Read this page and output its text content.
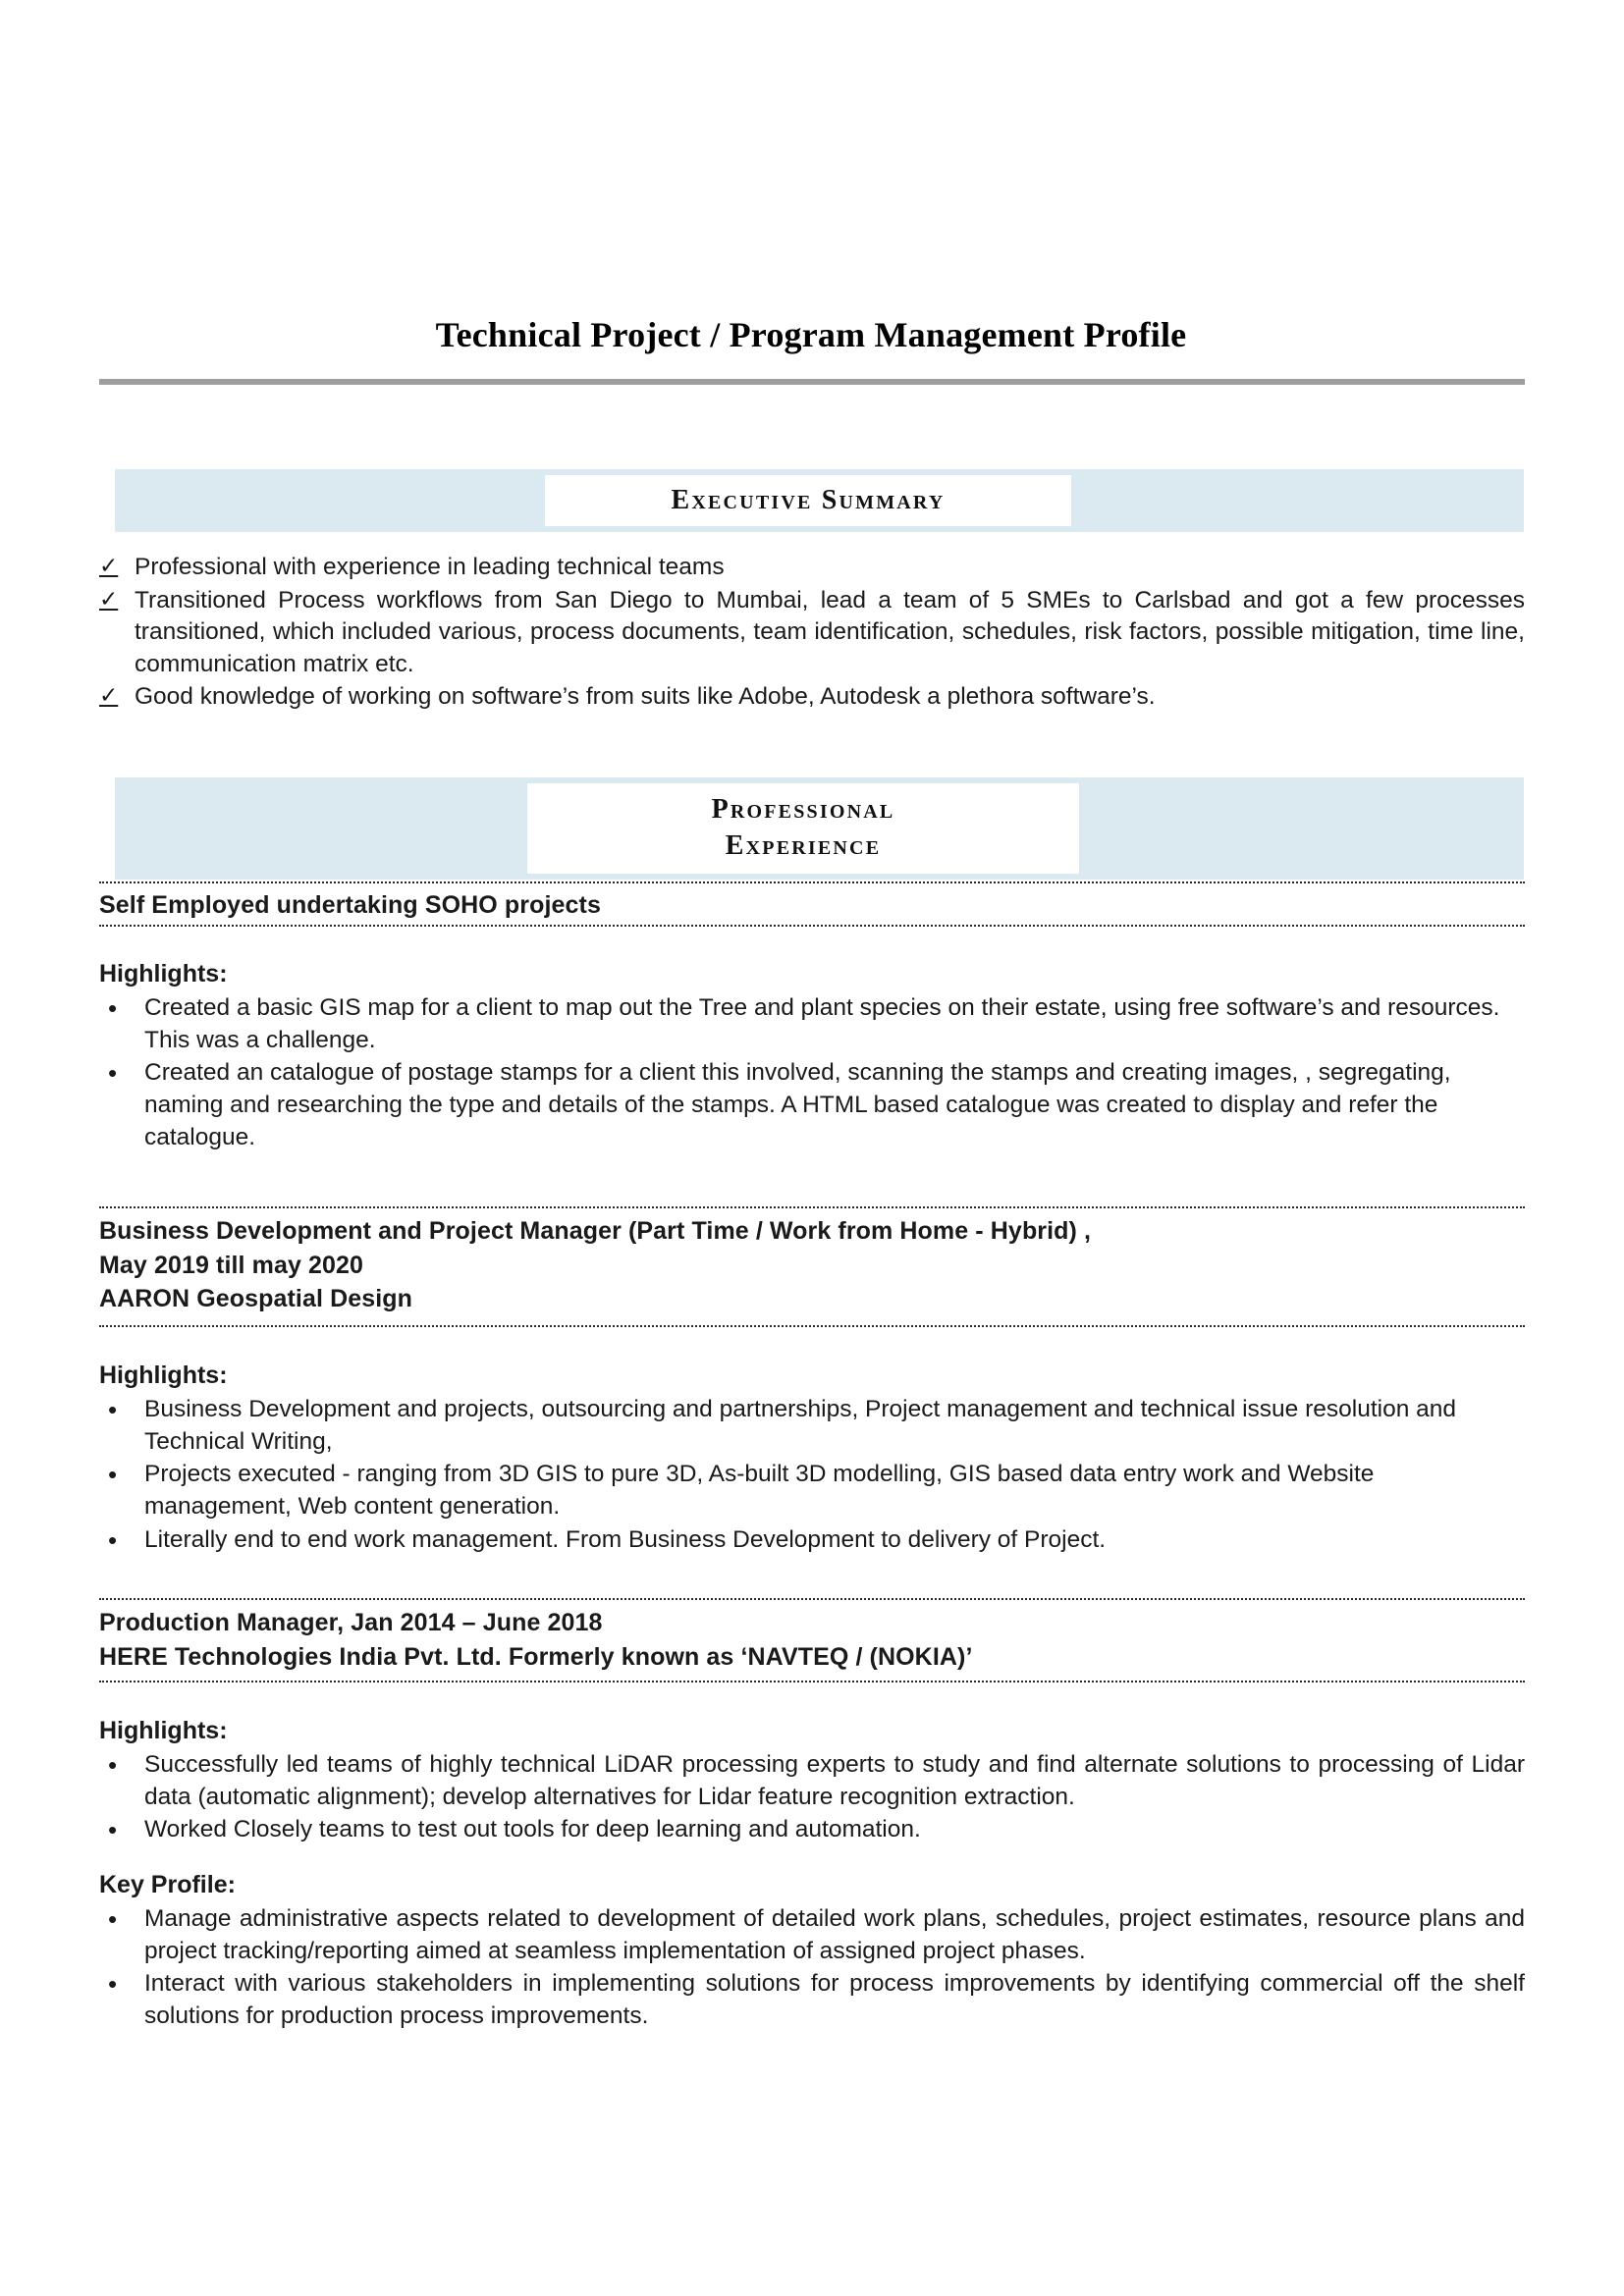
Technical Project / Program Management Profile
Executive Summary
✓ Professional with experience in leading technical teams
✓ Transitioned Process workflows from San Diego to Mumbai, lead a team of 5 SMEs to Carlsbad and got a few processes transitioned, which included various, process documents, team identification, schedules, risk factors, possible mitigation, time line, communication matrix etc.
✓ Good knowledge of working on software’s from suits like Adobe, Autodesk a plethora software’s.
Professional
Experience
Self Employed undertaking SOHO projects
Highlights:
• Created a basic GIS map for a client to map out the Tree and plant species on their estate, using free software’s and resources. This was a challenge.
• Created an catalogue of postage stamps for a client this involved, scanning the stamps and creating images, , segregating, naming and researching the type and details of the stamps. A HTML based catalogue was created to display and refer the catalogue.
Business Development and Project Manager (Part Time / Work from Home - Hybrid) ,
May 2019 till may 2020
AARON Geospatial Design
Highlights:
• Business Development and projects, outsourcing and partnerships, Project management and technical issue resolution and Technical Writing,
• Projects executed - ranging from 3D GIS to pure 3D, As-built 3D modelling, GIS based data entry work and Website management, Web content generation.
• Literally end to end work management. From Business Development to delivery of Project.
Production Manager, Jan 2014 – June 2018
HERE Technologies India Pvt. Ltd. Formerly known as ‘NAVTEQ / (NOKIA)’
Highlights:
• Successfully led teams of highly technical LiDAR processing experts to study and find alternate solutions to processing of Lidar data (automatic alignment); develop alternatives for Lidar feature recognition extraction.
• Worked Closely teams to test out tools for deep learning and automation.
Key Profile:
• Manage administrative aspects related to development of detailed work plans, schedules, project estimates, resource plans and project tracking/reporting aimed at seamless implementation of assigned project phases.
• Interact with various stakeholders in implementing solutions for process improvements by identifying commercial off the shelf solutions for production process improvements.
